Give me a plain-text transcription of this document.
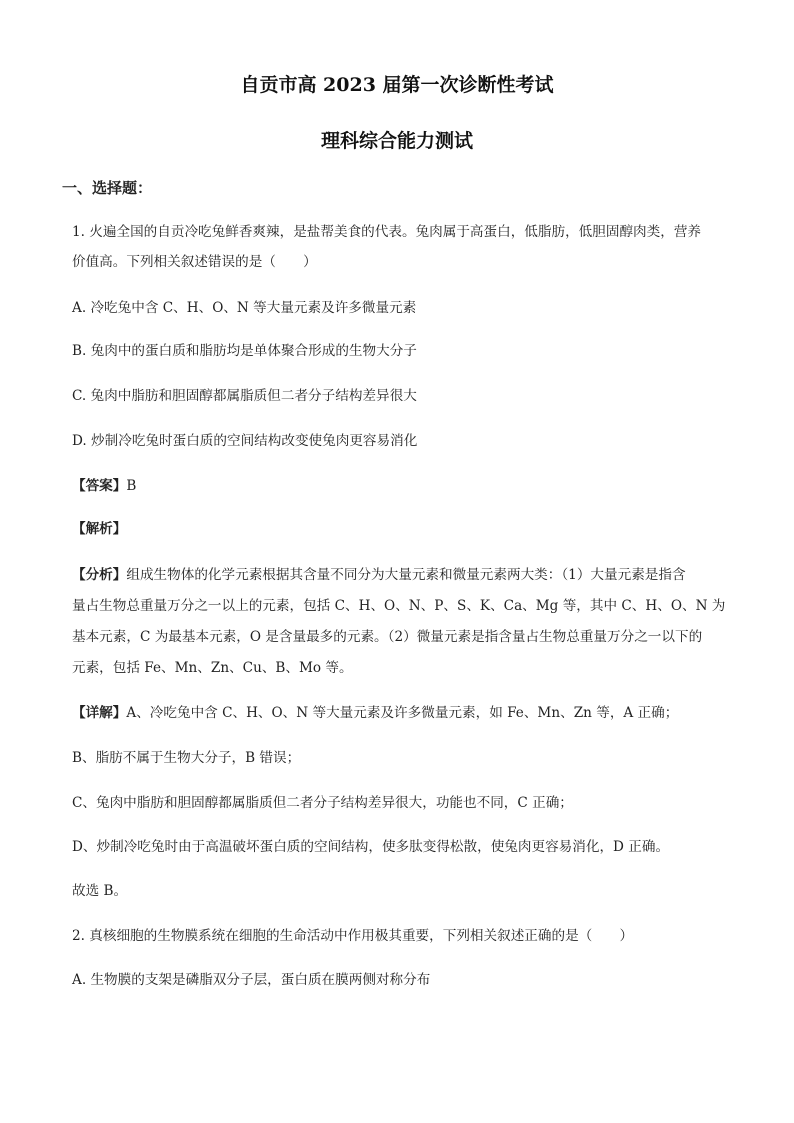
自贡市高 2023 届第一次诊断性考试
理科综合能力测试
一、选择题：
1. 火遍全国的自贡冷吃兔鲜香爽辣，是盐帮美食的代表。兔肉属于高蛋白，低脂肪，低胆固醇肉类，营养
价值高。下列相关叙述错误的是（　　）
A. 冷吃兔中含 C、H、O、N 等大量元素及许多微量元素
B. 兔肉中的蛋白质和脂肪均是单体聚合形成的生物大分子
C. 兔肉中脂肪和胆固醇都属脂质但二者分子结构差异很大
D. 炒制冷吃兔时蛋白质的空间结构改变使兔肉更容易消化
【答案】B
【解析】
【分析】组成生物体的化学元素根据其含量不同分为大量元素和微量元素两大类：（1）大量元素是指含
量占生物总重量万分之一以上的元素，包括 C、H、O、N、P、S、K、Ca、Mg 等，其中 C、H、O、N 为
基本元素，C 为最基本元素，O 是含量最多的元素。（2）微量元素是指含量占生物总重量万分之一以下的
元素，包括 Fe、Mn、Zn、Cu、B、Mo 等。
【详解】A、冷吃兔中含 C、H、O、N 等大量元素及许多微量元素，如 Fe、Mn、Zn 等，A 正确；
B、脂肪不属于生物大分子，B 错误；
C、兔肉中脂肪和胆固醇都属脂质但二者分子结构差异很大，功能也不同，C 正确；
D、炒制冷吃兔时由于高温破坏蛋白质的空间结构，使多肽变得松散，使兔肉更容易消化，D 正确。
故选 B。
2. 真核细胞的生物膜系统在细胞的生命活动中作用极其重要，下列相关叙述正确的是（　　）
A. 生物膜的支架是磷脂双分子层，蛋白质在膜两侧对称分布
